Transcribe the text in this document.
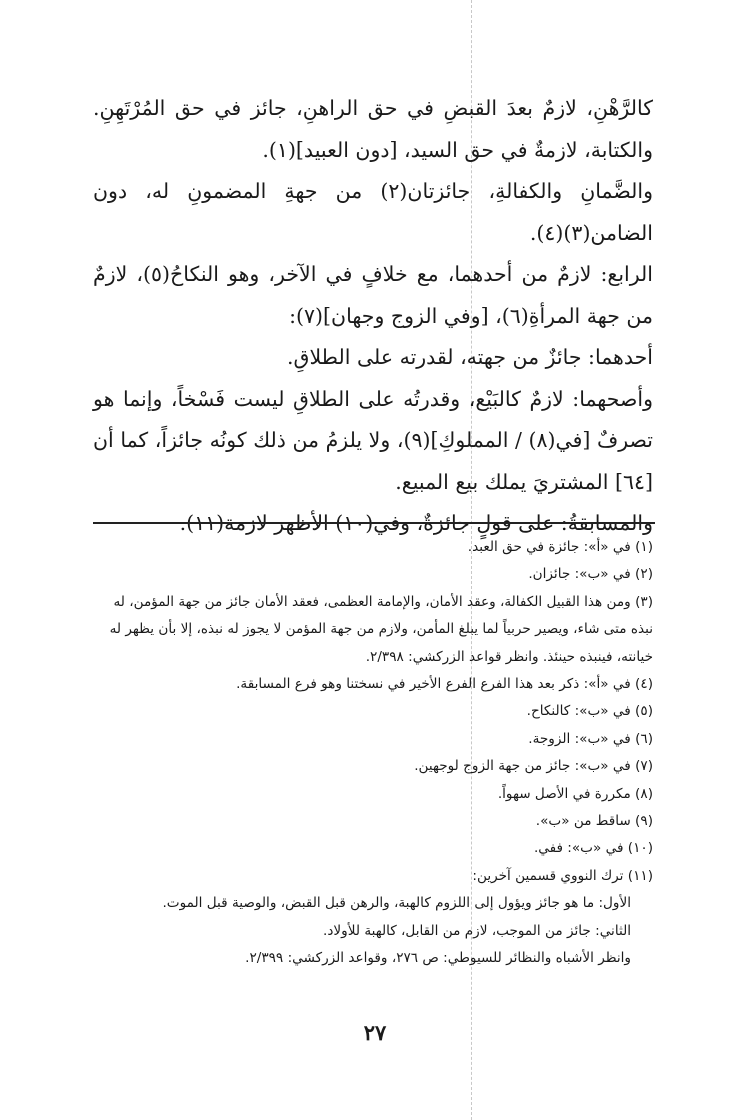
كالرَّهْنِ، لازمٌ بعدَ القبضِ في حق الراهنِ، جائز في حق المُرْتَهِنِ. والكتابة، لازمةٌ في حق السيد، [دون العبيد](١).

والضَّمانِ والكفالةِ، جائزتان(٢) من جهةِ المضمونِ له، دون الضامن(٣)(٤).

الرابع: لازمٌ من أحدهما، مع خلافٍ في الآخر، وهو النكاحُ(٥)، لازمٌ من جهة المرأةِ(٦)، [وفي الزوج وجهان](٧):

أحدهما: جائزٌ من جهته، لقدرته على الطلاقِ.

وأصحهما: لازمٌ كالبَيْع، وقدرتُه على الطلاقِ ليست فَسْخاً، وإنما هو تصرفٌ [في(٨) / المملوكِ](٩)، ولا يلزمُ من ذلك كونُه جائزاً، كما أن [٦٤] المشتريَ يملك بيع المبيع.

والمسابقةُ: على قولٍ جائزةٌ، وفي(١٠) الأظهر لازمة(١١).

(١) في «أ»: جائزة في حق العبد.

(٢) في «ب»: جائزان.

(٣) ومن هذا القبيل الكفالة، وعقد الأمان، والإمامة العظمى، فعقد الأمان جائز من جهة المؤمن، له نبذه متى شاء، ويصير حربياً لما يبلغ المأمن، ولازم من جهة المؤمن لا يجوز له نبذه، إلا بأن يظهر له خيانته، فينبذه حينئذ. وانظر قواعد الزركشي: ٢/٣٩٨.

(٤) في «أ»: ذكر بعد هذا الفرع الفرع الأخير في نسختنا وهو فرع المسابقة.

(٥) في «ب»: كالنكاح.

(٦) في «ب»: الزوجة.

(٧) في «ب»: جائز من جهة الزوج لوجهين.

(٨) مكررة في الأصل سهواً.

(٩) ساقط من «ب».

(١٠) في «ب»: ففي.

(١١) ترك النووي قسمين آخرين:

الأول: ما هو جائز ويؤول إلى اللزوم كالهبة، والرهن قبل القبض، والوصية قبل الموت.

الثاني: جائز من الموجب، لازم من القابل، كالهبة للأولاد.

وانظر الأشباه والنظائر للسيوطي: ص ٢٧٦، وقواعد الزركشي: ٢/٣٩٩.

٢٧
